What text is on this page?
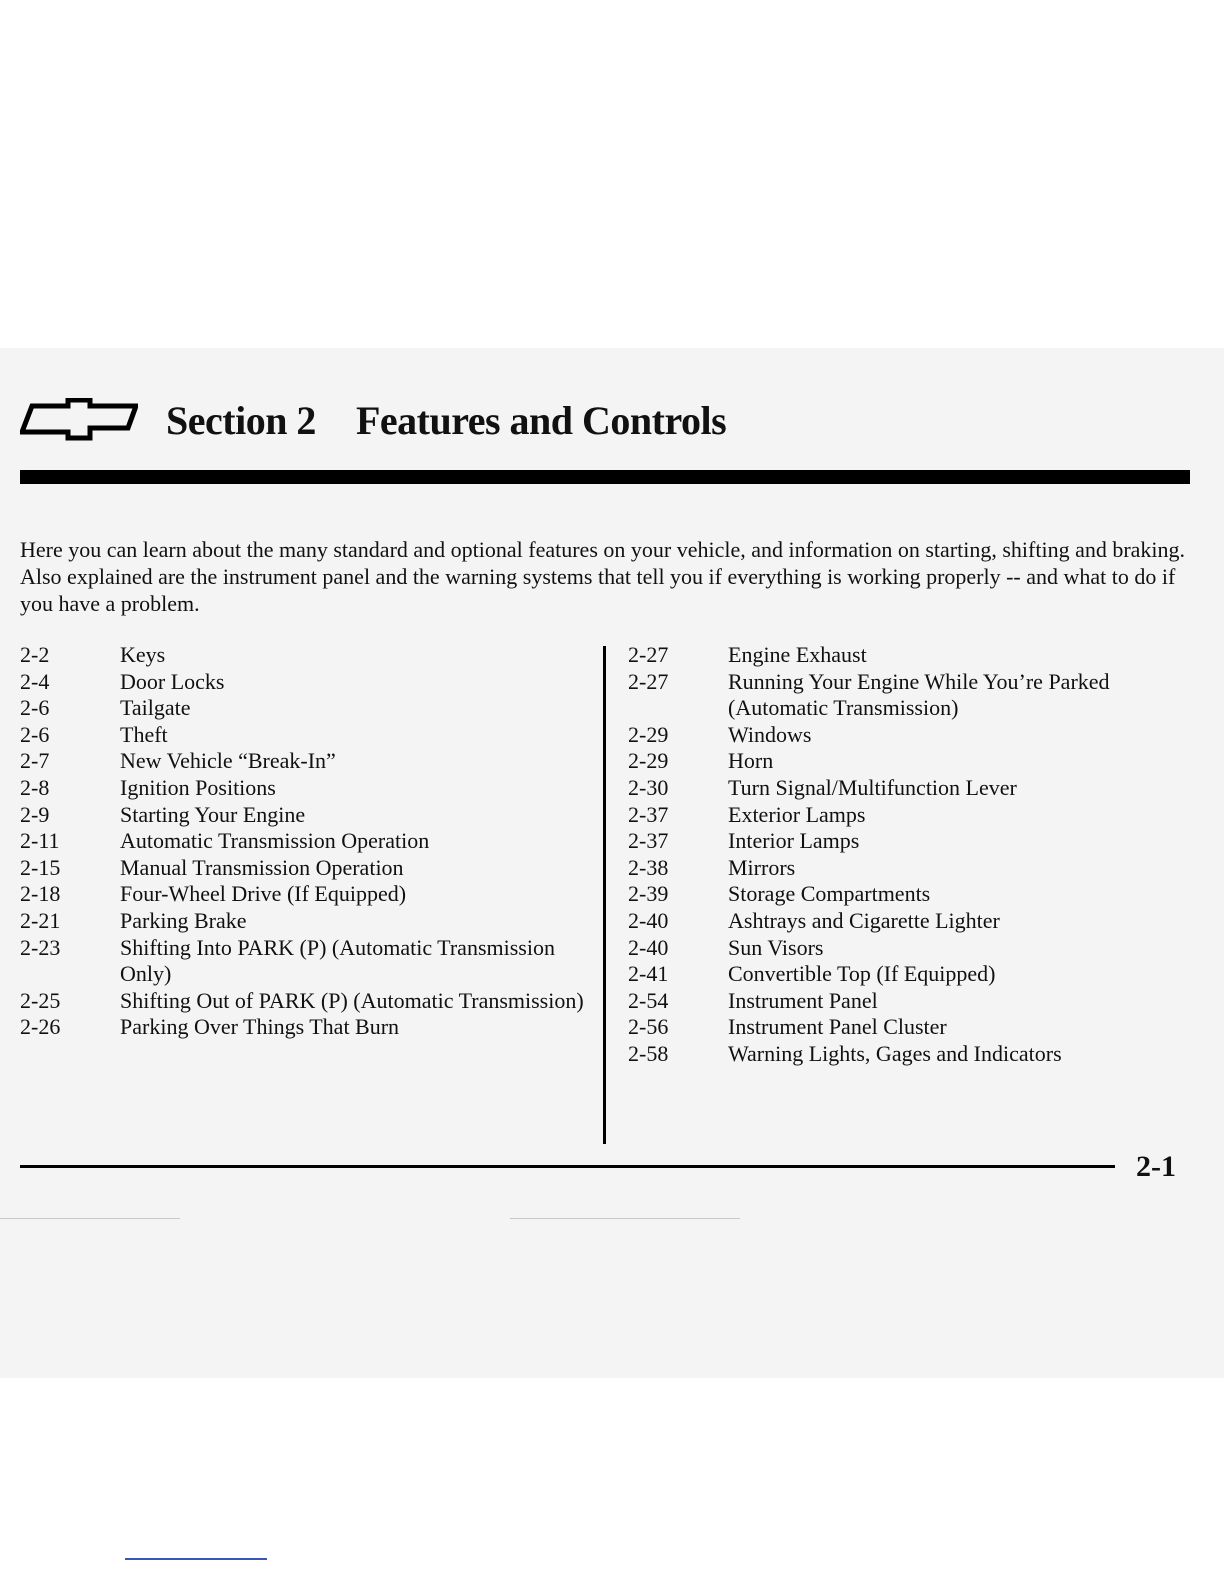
Section 2 Features and Controls
Here you can learn about the many standard and optional features on your vehicle, and information on starting, shifting and braking. Also explained are the instrument panel and the warning systems that tell you if everything is working properly -- and what to do if you have a problem.
2-2	Keys
2-4	Door Locks
2-6	Tailgate
2-6	Theft
2-7	New Vehicle “Break-In”
2-8	Ignition Positions
2-9	Starting Your Engine
2-11	Automatic Transmission Operation
2-15	Manual Transmission Operation
2-18	Four-Wheel Drive (If Equipped)
2-21	Parking Brake
2-23	Shifting Into PARK (P) (Automatic Transmission Only)
2-25	Shifting Out of PARK (P) (Automatic Transmission)
2-26	Parking Over Things That Burn
2-27	Engine Exhaust
2-27	Running Your Engine While You’re Parked (Automatic Transmission)
2-29	Windows
2-29	Horn
2-30	Turn Signal/Multifunction Lever
2-37	Exterior Lamps
2-37	Interior Lamps
2-38	Mirrors
2-39	Storage Compartments
2-40	Ashtrays and Cigarette Lighter
2-40	Sun Visors
2-41	Convertible Top (If Equipped)
2-54	Instrument Panel
2-56	Instrument Panel Cluster
2-58	Warning Lights, Gages and Indicators
2-1
